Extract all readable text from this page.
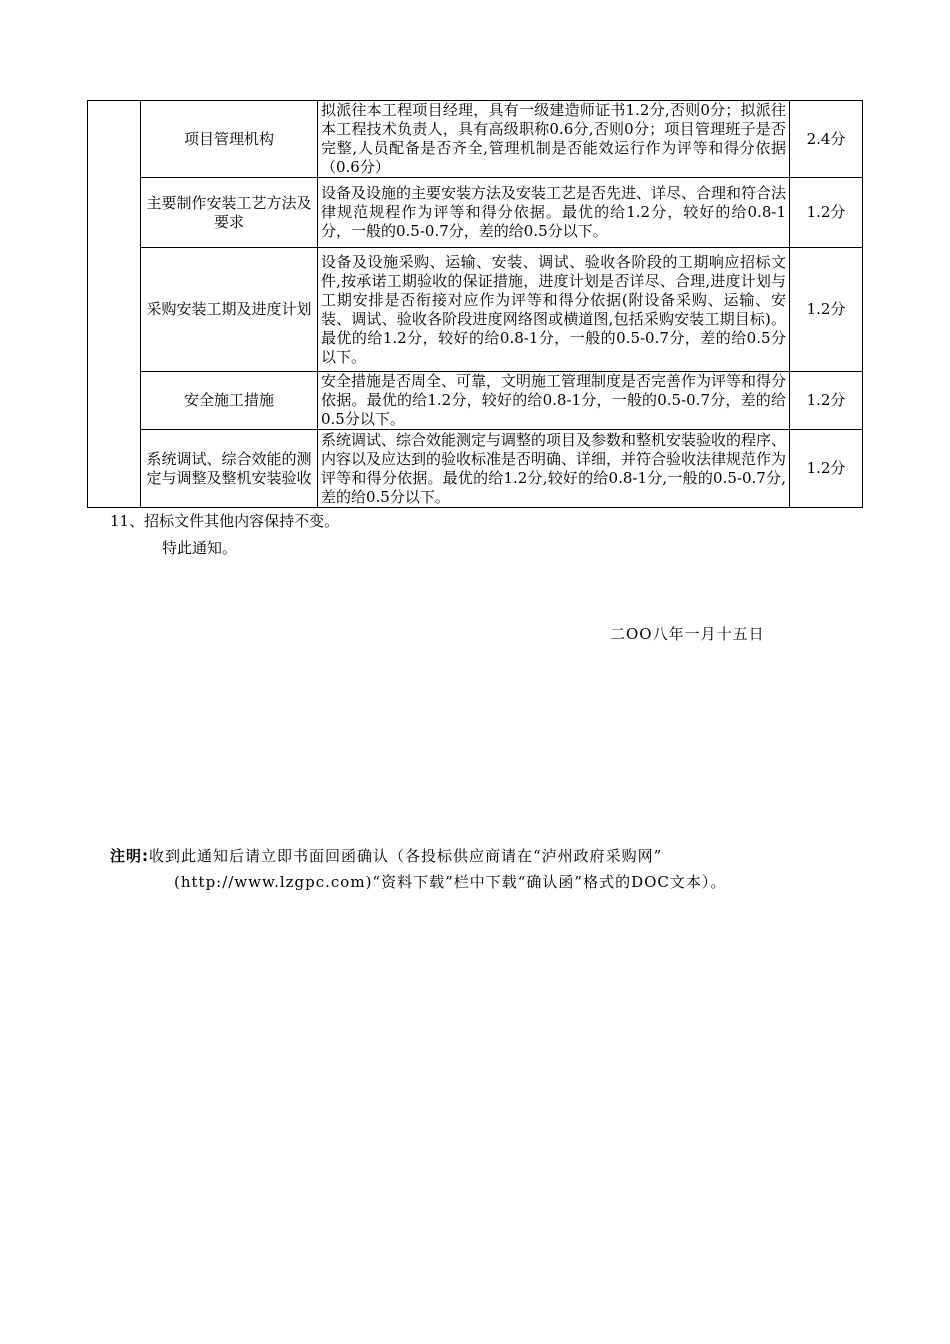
	项目管理机构	拟派往本工程项目经理，具有一级建造师证书1.2分,否则0分；拟派往本工程技术负责人，具有高级职称0.6分,否则0分；项目管理班子是否完整,人员配备是否齐全,管理机制是否能效运行作为评等和得分依据（0.6分）	2.4分
	主要制作安装工艺方法及要求	设备及设施的主要安装方法及安装工艺是否先进、详尽、合理和符合法律规范规程作为评等和得分依据。最优的给1.2分，较好的给0.8-1分，一般的0.5-0.7分，差的给0.5分以下。	1.2分
	采购安装工期及进度计划	设备及设施采购、运输、安装、调试、验收各阶段的工期响应招标文件,按承诺工期验收的保证措施，进度计划是否详尽、合理,进度计划与工期安排是否衔接对应作为评等和得分依据(附设备采购、运输、安装、调试、验收各阶段进度网络图或横道图,包括采购安装工期目标)。最优的给1.2分，较好的给0.8-1分，一般的0.5-0.7分，差的给0.5分以下。	1.2分
	安全施工措施	安全措施是否周全、可靠，文明施工管理制度是否完善作为评等和得分依据。最优的给1.2分，较好的给0.8-1分，一般的0.5-0.7分，差的给0.5分以下。	1.2分
	系统调试、综合效能的测定与调整及整机安装验收	系统调试、综合效能测定与调整的项目及参数和整机安装验收的程序、内容以及应达到的验收标准是否明确、详细，并符合验收法律规范作为评等和得分依据。最优的给1.2分,较好的给0.8-1分,一般的0.5-0.7分,差的给0.5分以下。	1.2分
11、招标文件其他内容保持不变。
特此通知。
二OO八年一月十五日
注明:收到此通知后请立即书面回函确认（各投标供应商请在“泸州政府采购网”
(http://www.lzgpc.com)“资料下载”栏中下载“确认函”格式的DOC文本）。
